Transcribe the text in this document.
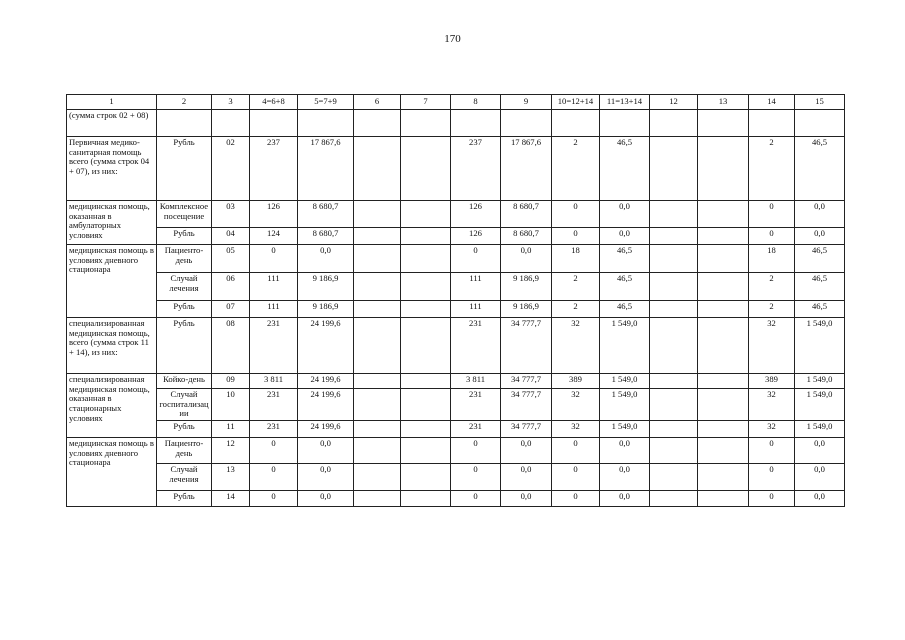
170
1	2	3	4=6+8	5=7+9	6	7	8	9	10=12+14	11=13+14	12	13	14	15
(сумма строк 02 + 08)														
Первичная медико-санитарная помощь всего (сумма строк 04 + 07), из них:	Рубль	02	237	17 867,6			237	17 867,6	2	46,5			2	46,5
медицинская помощь, оказанная в амбулаторных условиях	Комплексное посещение	03	126	8 680,7			126	8 680,7	0	0,0			0	0,0
	Рубль	04	124	8 680,7			126	8 680,7	0	0,0			0	0,0
медицинская помощь в условиях дневного стационара	Пациенто-день	05	0	0,0			0	0,0	18	46,5			18	46,5
	Случай лечения	06	111	9 186,9			111	9 186,9	2	46,5			2	46,5
	Рубль	07	111	9 186,9			111	9 186,9	2	46,5			2	46,5
специализированная медицинская помощь, всего (сумма строк 11 + 14), из них:	Рубль	08	231	24 199,6			231	34 777,7	32	1 549,0			32	1 549,0
специализированная медицинская помощь, оказанная в стационарных условиях	Койко-день	09	3 811	24 199,6			3 811	34 777,7	389	1 549,0			389	1 549,0
	Случай госпитализации	10	231	24 199,6			231	34 777,7	32	1 549,0			32	1 549,0
	Рубль	11	231	24 199,6			231	34 777,7	32	1 549,0			32	1 549,0
медицинская помощь в условиях дневного стационара	Пациенто-день	12	0	0,0			0	0,0	0	0,0			0	0,0
	Случай лечения	13	0	0,0			0	0,0	0	0,0			0	0,0
	Рубль	14	0	0,0			0	0,0	0	0,0			0	0,0
